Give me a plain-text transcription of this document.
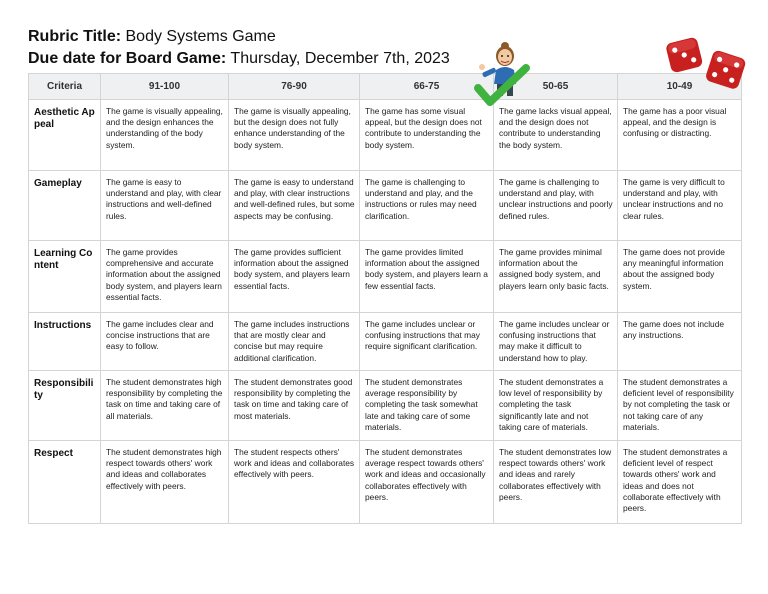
Rubric Title: Body Systems Game
Due date for Board Game: Thursday, December 7th, 2023
Criteria	91-100	76-90	66-75	50-65	10-49
Aesthetic Appeal	The game is visually appealing, and the design enhances the understanding of the body system.	The game is visually appealing, but the design does not fully enhance understanding of the body system.	The game has some visual appeal, but the design does not contribute to understanding the body system.	The game lacks visual appeal, and the design does not contribute to understanding the body system.	The game has a poor visual appeal, and the design is confusing or distracting.
Gameplay	The game is easy to understand and play, with clear instructions and well-defined rules.	The game is easy to understand and play, with clear instructions and well-defined rules, but some aspects may be confusing.	The game is challenging to understand and play, and the instructions or rules may need clarification.	The game is challenging to understand and play, with unclear instructions and poorly defined rules.	The game is very difficult to understand and play, with unclear instructions and no clear rules.
Learning Content	The game provides comprehensive and accurate information about the assigned body system, and players learn essential facts.	The game provides sufficient information about the assigned body system, and players learn essential facts.	The game provides limited information about the assigned body system, and players learn a few essential facts.	The game provides minimal information about the assigned body system, and players learn only basic facts.	The game does not provide any meaningful information about the assigned body system.
Instructions	The game includes clear and concise instructions that are easy to follow.	The game includes instructions that are mostly clear and concise but may require additional clarification.	The game includes unclear or confusing instructions that may require significant clarification.	The game includes unclear or confusing instructions that may make it difficult to understand how to play.	The game does not include any instructions.
Responsibility	The student demonstrates high responsibility by completing the task on time and taking care of all materials.	The student demonstrates good responsibility by completing the task on time and taking care of most materials.	The student demonstrates average responsibility by completing the task somewhat late and taking care of some materials.	The student demonstrates a low level of responsibility by completing the task significantly late and not taking care of materials.	The student demonstrates a deficient level of responsibility by not completing the task or not taking care of any materials.
Respect	The student demonstrates high respect towards others' work and ideas and collaborates effectively with peers.	The student respects others' work and ideas and collaborates effectively with peers.	The student demonstrates average respect towards others' work and ideas and occasionally collaborates effectively with peers.	The student demonstrates low respect towards others' work and ideas and rarely collaborates effectively with peers.	The student demonstrates a deficient level of respect towards others' work and ideas and does not collaborate effectively with peers.
